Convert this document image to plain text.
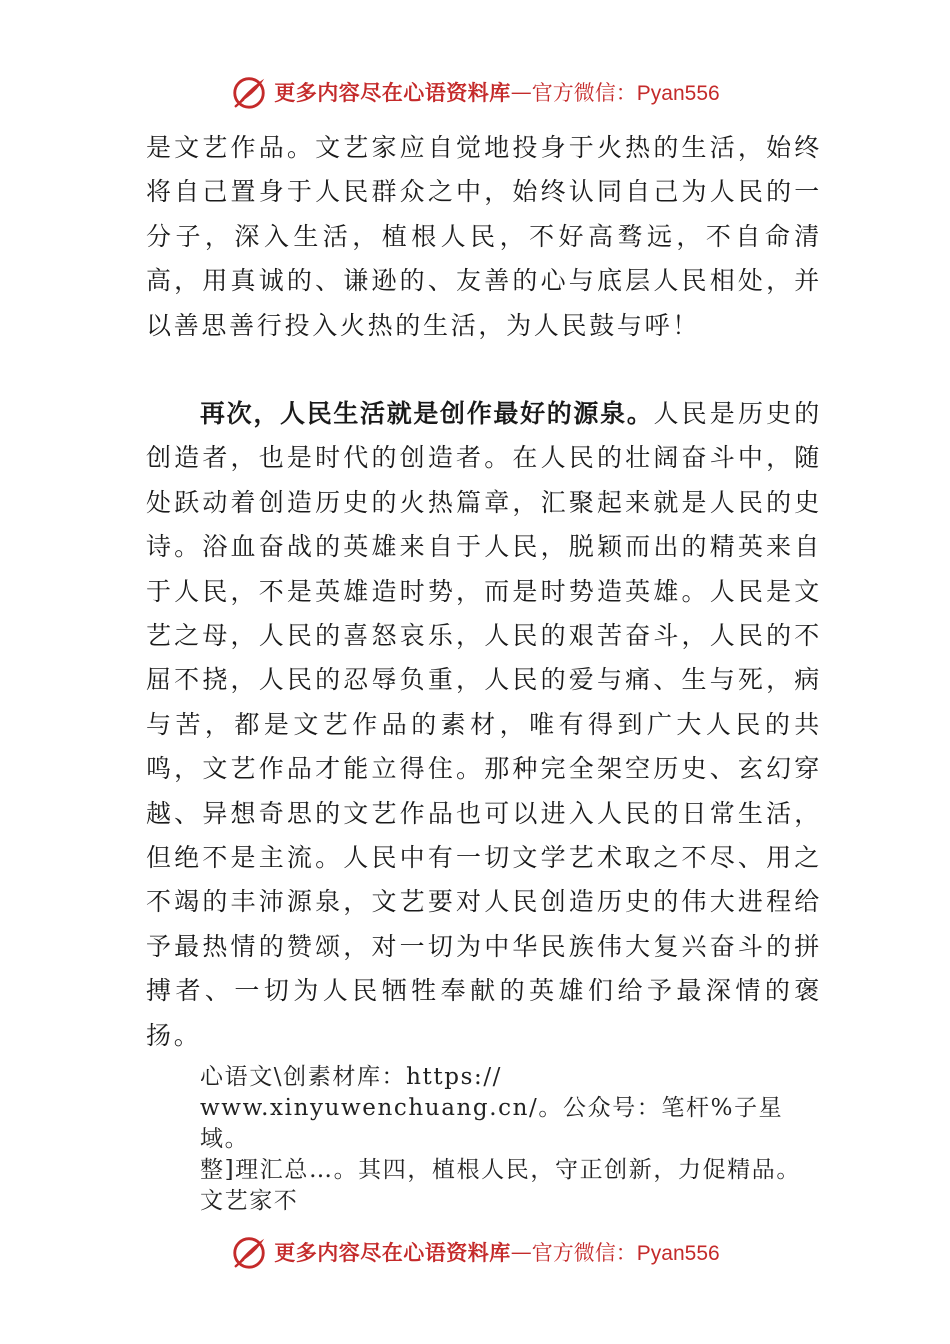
更多内容尽在心语资料库 — 官方微信：Pyan556

是文艺作品。文艺家应自觉地投身于火热的生活，始终将自己置身于人民群众之中，始终认同自己为人民的一分子，深入生活，植根人民，不好高骛远，不自命清高，用真诚的、谦逊的、友善的心与底层人民相处，并以善思善行投入火热的生活，为人民鼓与呼！

再次，人民生活就是创作最好的源泉。人民是历史的创造者，也是时代的创造者。在人民的壮阔奋斗中，随处跃动着创造历史的火热篇章，汇聚起来就是人民的史诗。浴血奋战的英雄来自于人民，脱颖而出的精英来自于人民，不是英雄造时势，而是时势造英雄。人民是文艺之母，人民的喜怒哀乐，人民的艰苦奋斗，人民的不屈不挠，人民的忍辱负重，人民的爱与痛、生与死，病与苦，都是文艺作品的素材，唯有得到广大人民的共鸣，文艺作品才能立得住。那种完全架空历史、玄幻穿越、异想奇思的文艺作品也可以进入人民的日常生活，但绝不是主流。人民中有一切文学艺术取之不尽、用之不竭的丰沛源泉，文艺要对人民创造历史的伟大进程给予最热情的赞颂，对一切为中华民族伟大复兴奋斗的拼搏者、一切为人民牺牲奉献的英雄们给予最深情的褒扬。

心语文\创素材库：https://
www.xinyuwenchuang.cn/。公众号：笔杆%子星域。
整]理汇总…。其四，植根人民，守正创新，力促精品。文艺家不
更多内容尽在心语资料库 — 官方微信：Pyan556
